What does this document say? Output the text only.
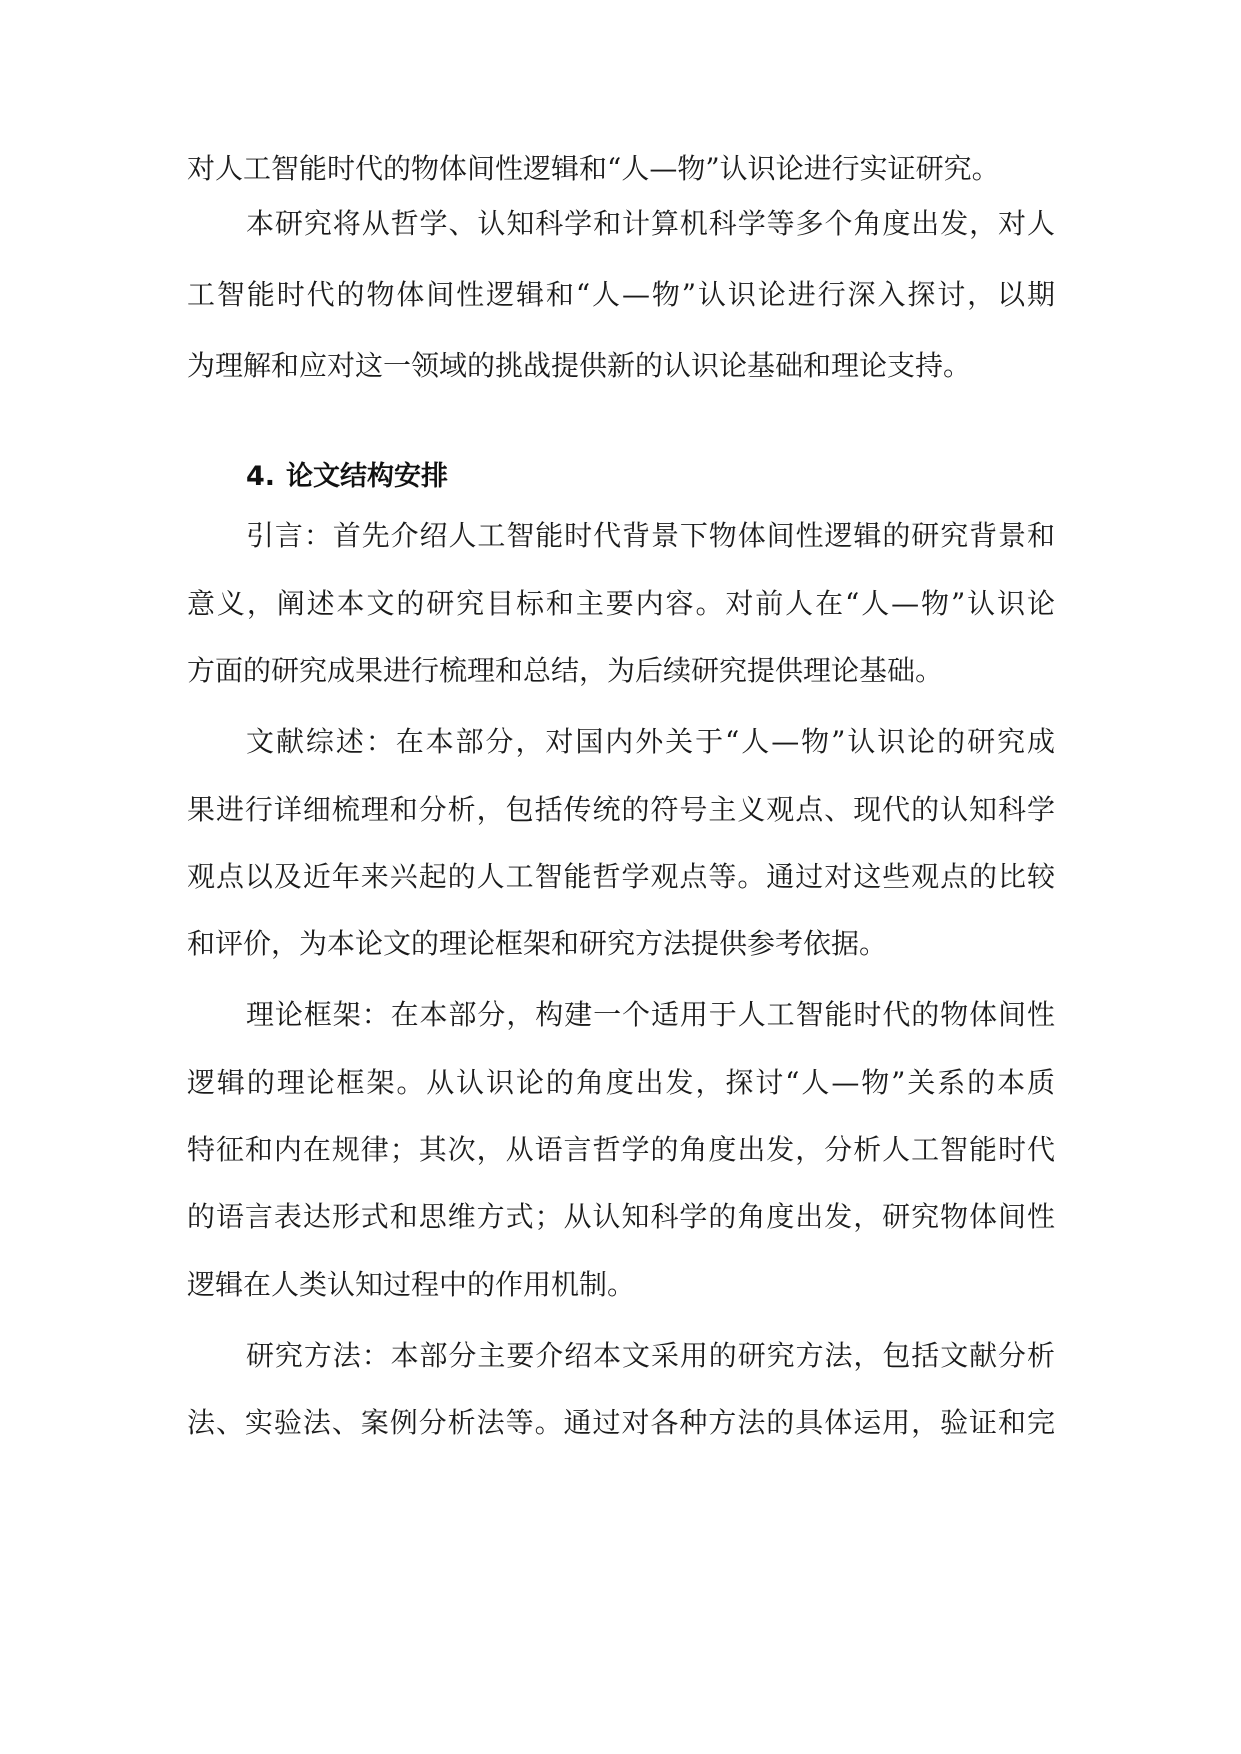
对人工智能时代的物体间性逻辑和“人—物”认识论进行实证研究。
本研究将从哲学、认知科学和计算机科学等多个角度出发，对人
工智能时代的物体间性逻辑和“人—物”认识论进行深入探讨，以期
为理解和应对这一领域的挑战提供新的认识论基础和理论支持。
4. 论文结构安排
引言：首先介绍人工智能时代背景下物体间性逻辑的研究背景和
意义，阐述本文的研究目标和主要内容。对前人在“人—物”认识论
方面的研究成果进行梳理和总结，为后续研究提供理论基础。
文献综述：在本部分，对国内外关于“人—物”认识论的研究成
果进行详细梳理和分析，包括传统的符号主义观点、现代的认知科学
观点以及近年来兴起的人工智能哲学观点等。通过对这些观点的比较
和评价，为本论文的理论框架和研究方法提供参考依据。
理论框架：在本部分，构建一个适用于人工智能时代的物体间性
逻辑的理论框架。从认识论的角度出发，探讨“人—物”关系的本质
特征和内在规律；其次，从语言哲学的角度出发，分析人工智能时代
的语言表达形式和思维方式；从认知科学的角度出发，研究物体间性
逻辑在人类认知过程中的作用机制。
研究方法：本部分主要介绍本文采用的研究方法，包括文献分析
法、实验法、案例分析法等。通过对各种方法的具体运用，验证和完
